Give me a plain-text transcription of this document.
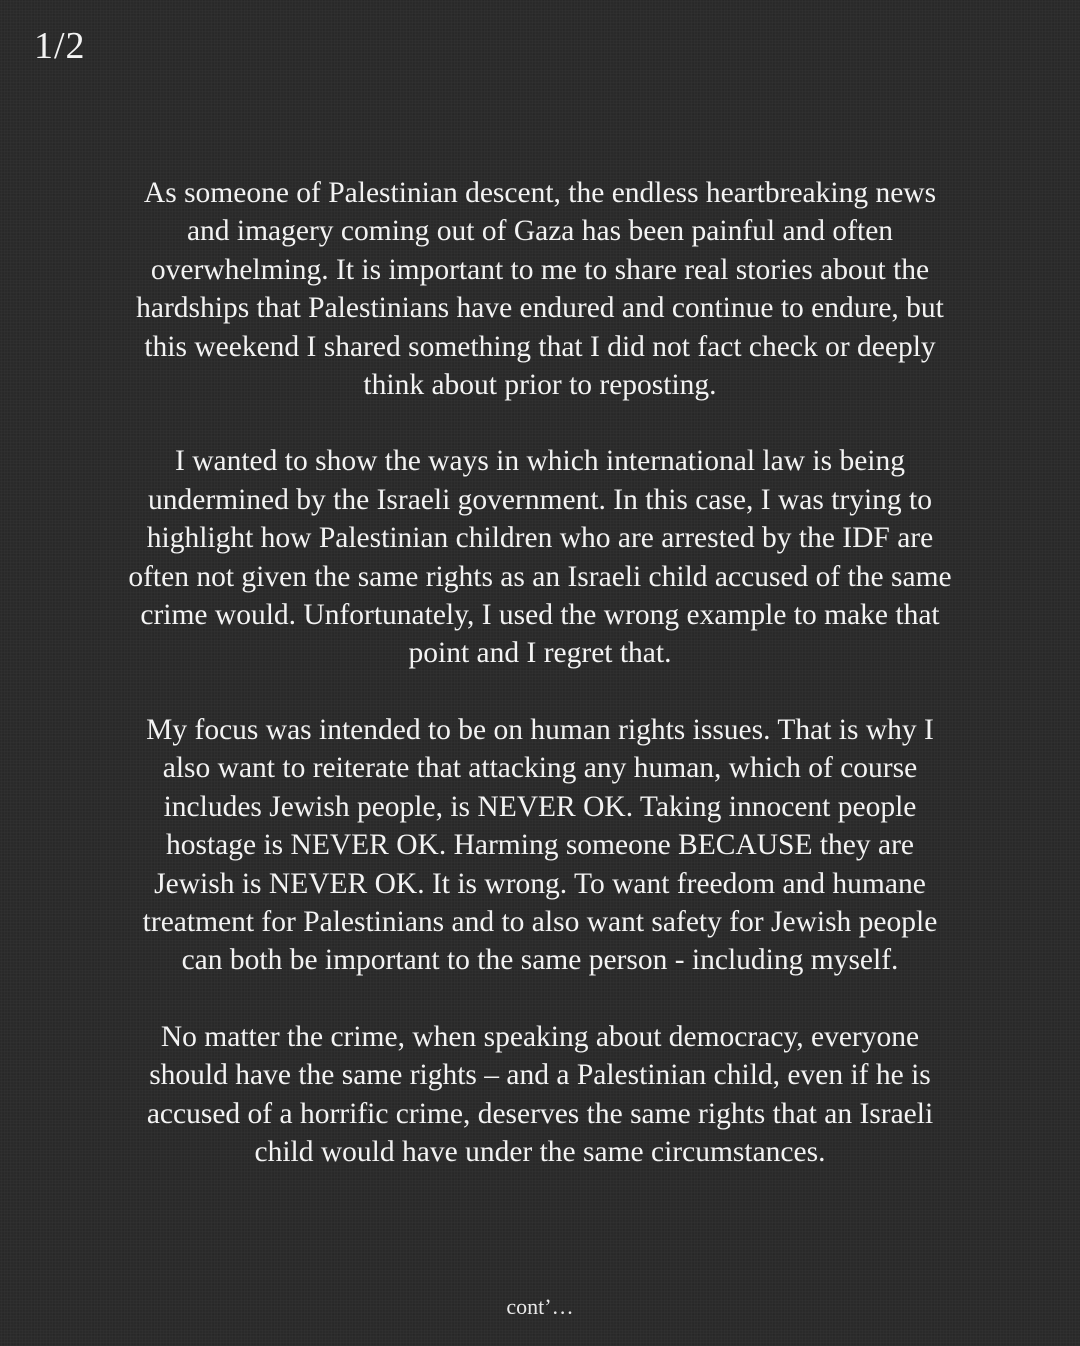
1/2

As someone of Palestinian descent, the endless heartbreaking news
and imagery coming out of Gaza has been painful and often
overwhelming. It is important to me to share real stories about the
hardships that Palestinians have endured and continue to endure, but
this weekend I shared something that I did not fact check or deeply
think about prior to reposting.

I wanted to show the ways in which international law is being
undermined by the Israeli government. In this case, I was trying to
highlight how Palestinian children who are arrested by the IDF are
often not given the same rights as an Israeli child accused of the same
crime would. Unfortunately, I used the wrong example to make that
point and I regret that.

My focus was intended to be on human rights issues. That is why I
also want to reiterate that attacking any human, which of course
includes Jewish people, is NEVER OK. Taking innocent people
hostage is NEVER OK. Harming someone BECAUSE they are
Jewish is NEVER OK. It is wrong. To want freedom and humane
treatment for Palestinians and to also want safety for Jewish people
can both be important to the same person - including myself.

No matter the crime, when speaking about democracy, everyone
should have the same rights – and a Palestinian child, even if he is
accused of a horrific crime, deserves the same rights that an Israeli
child would have under the same circumstances.

cont’…
